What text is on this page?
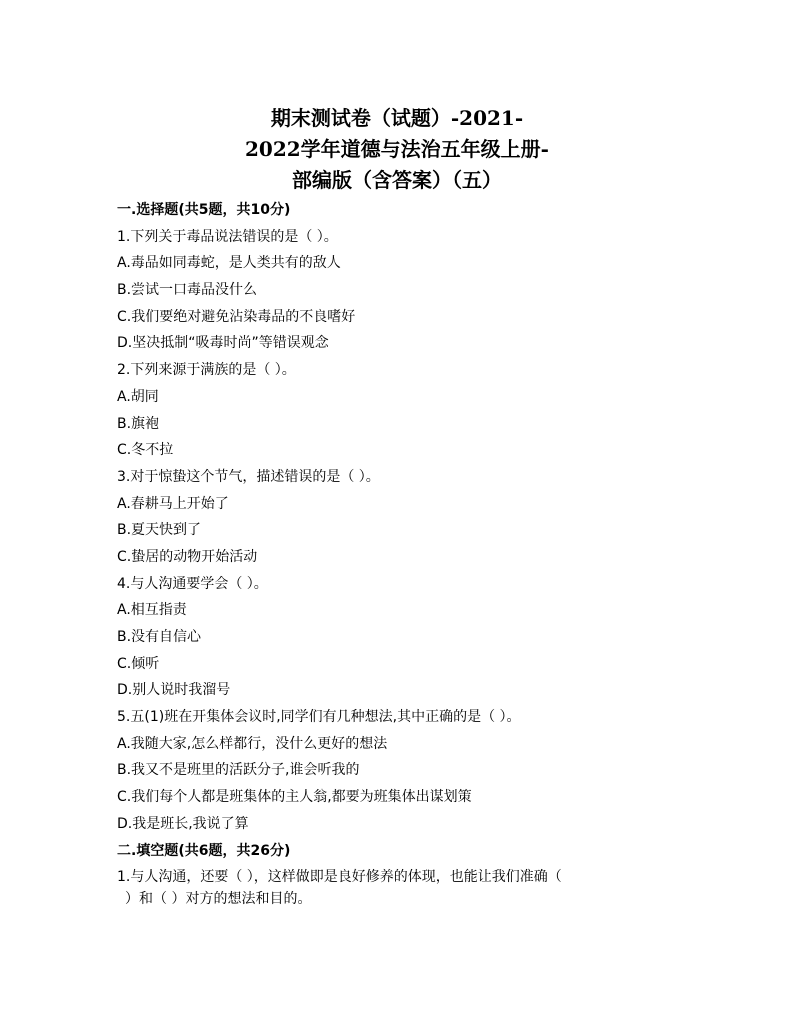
期末测试卷（试题）-2021-
2022学年道德与法治五年级上册-
部编版（含答案）（五）
一.选择题(共5题，共10分)
1.下列关于毒品说法错误的是（ ）。
A.毒品如同毒蛇，是人类共有的敌人
B.尝试一口毒品没什么
C.我们要绝对避免沾染毒品的不良嗜好
D.坚决抵制“吸毒时尚”等错误观念
2.下列来源于满族的是（ ）。
A.胡同
B.旗袍
C.冬不拉
3.对于惊蛰这个节气，描述错误的是（ ）。
A.春耕马上开始了
B.夏天快到了
C.蛰居的动物开始活动
4.与人沟通要学会（ ）。
A.相互指责
B.没有自信心
C.倾听
D.别人说时我溜号
5.五(1)班在开集体会议时,同学们有几种想法,其中正确的是（ ）。
A.我随大家,怎么样都行，没什么更好的想法
B.我又不是班里的活跃分子,谁会听我的
C.我们每个人都是班集体的主人翁,都要为班集体出谋划策
D.我是班长,我说了算
二.填空题(共6题，共26分)
1.与人沟通，还要（ ），这样做即是良好修养的体现，也能让我们准确（
）和（ ）对方的想法和目的。
